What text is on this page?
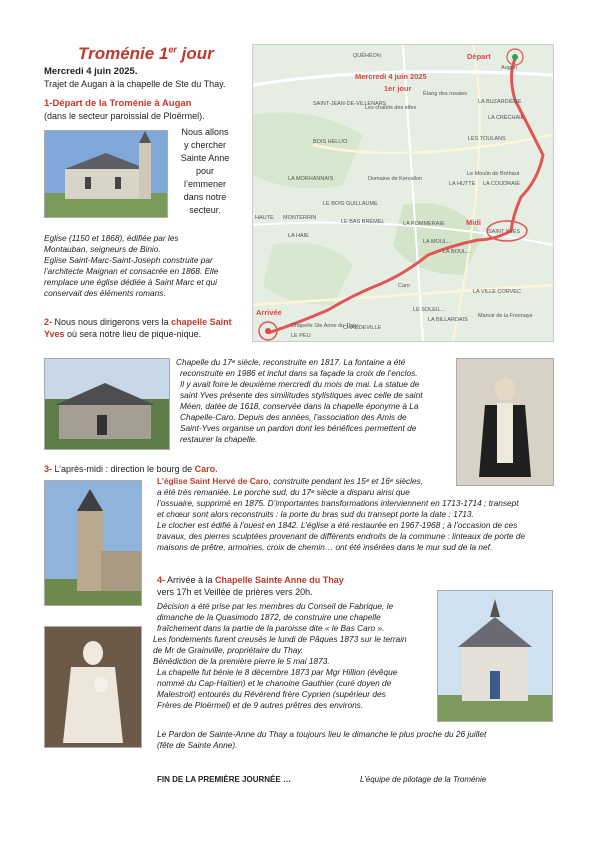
Troménie 1er jour
Mercredi 4 juin 2025.
Trajet de Augan à la chapelle de Ste du Thay.
Départ
Mercredi 4 juin 2025
1er jour
Midi
Arrivée
Chapelle Ste Anne du Thay
QUÉHÉON
Augan
SAINT-JEAN-DE-VILLENARS
Étang des rosaies
LA BUZARDIÈRE
Les chalets des elfes
LA CRÉCHAIE
BOIS HELLIO	LES TOULANS
LA MORHANNAIS	Domaine de Kervallon
Le Moulin de Bréhaut
LA HUTTE LA COUDRAIE
LE BOIS GUILLAUME
LA POMMERAIE
LE BAS BRÉMEL
HAUTE MONTERRIN
LA HAIE
LA MOUL...
SAINT YVES
LA BOUL...
Caro
LA VILLE CORVEC
Manoir de la Fresnaye
LA BILLARDAIS
CHAUDEVILLE
LE PEU
LE SOLEIL...
1-Départ de la Troménie à Augan
(dans le secteur paroissial de Ploërmel).
Nous allons
y chercher
Sainte Anne
pour
l’emmener
dans notre
secteur.
Eglise (1150 et 1868), édifiée par les
Montauban, seigneurs de Binio.
Eglise Saint-Marc-Saint-Joseph construite par
l’architecte Maignan et consacrée en 1868. Elle
remplace une église dédiée à Saint Marc et qui
conservait des éléments romans.
2- Nous nous dirigerons vers la chapelle Saint
Yves où sera notre lieu de pique-nique.
Chapelle du 17ᵉ siècle, reconstruite en 1817. La fontaine a été
reconstruite en 1986 et inclut dans sa façade la croix de l’enclos.
Il y avait foire le deuxième mercredi du mois de mai. La statue de
saint Yves présente des similitudes stylistiques avec celle de saint
Méen, datée de 1618, conservée dans la chapelle éponyme à La
Chapelle-Caro. Depuis des années, l’association des Amis de
Saint-Yves organise un pardon dont les bénéfices permettent de
restaurer la chapelle.
3- L’après-midi : direction le bourg de Caro.
L’église Saint Hervé de Caro, construite pendant les 15ᵉ et 16ᵉ siècles,
a été très remaniée. Le porche sud, du 17ᵉ siècle a disparu ainsi que
l’ossuaire, supprimé en 1875. D’importantes transformations interviennent en 1713-1714 ; transept
et chœur sont alors reconstruits : la porte du bras sud du transept porte la date : 1713.
Le clocher est édifié à l’ouest en 1842. L’église a été restaurée en 1967-1968 ; à l’occasion de ces
travaux, des pierres sculptées provenant de différents endroits de la commune : linteaux de porte de
maisons de prêtre, armoiries, croix de chemin… ont été insérées dans le mur sud de la nef.
4- Arrivée à la Chapelle Sainte Anne du Thay
vers 17h et Veillée de prières vers 20h.
Décision a été prise par les membres du Conseil de Fabrique, le
dimanche de la Quasimodo 1872, de construire une chapelle
fraîchement dans la partie de la paroisse dite « le Bas Caro ».
Les fondements furent creusés le lundi de Pâques 1873 sur le terrain
de Mr de Grainville, propriétaire du Thay.
Bénédiction de la première pierre le 5 mai 1873.
La chapelle fut bénie le 8 décembre 1873 par Mgr Hillion (évêque
nommé du Cap-Haïtien) et le chanoine Gauthier (curé doyen de
Malestroit) entourés du Révérend frère Cyprien (supérieur des
Frères de Ploërmel) et de 9 autres prêtres des environs.
Le Pardon de Sainte-Anne du Thay a toujours lieu le dimanche le plus proche du 26 juillet
(fête de Sainte Anne).
FIN DE LA PREMIÈRE JOURNÉE …	L’équipe de pilotage de la Troménie
